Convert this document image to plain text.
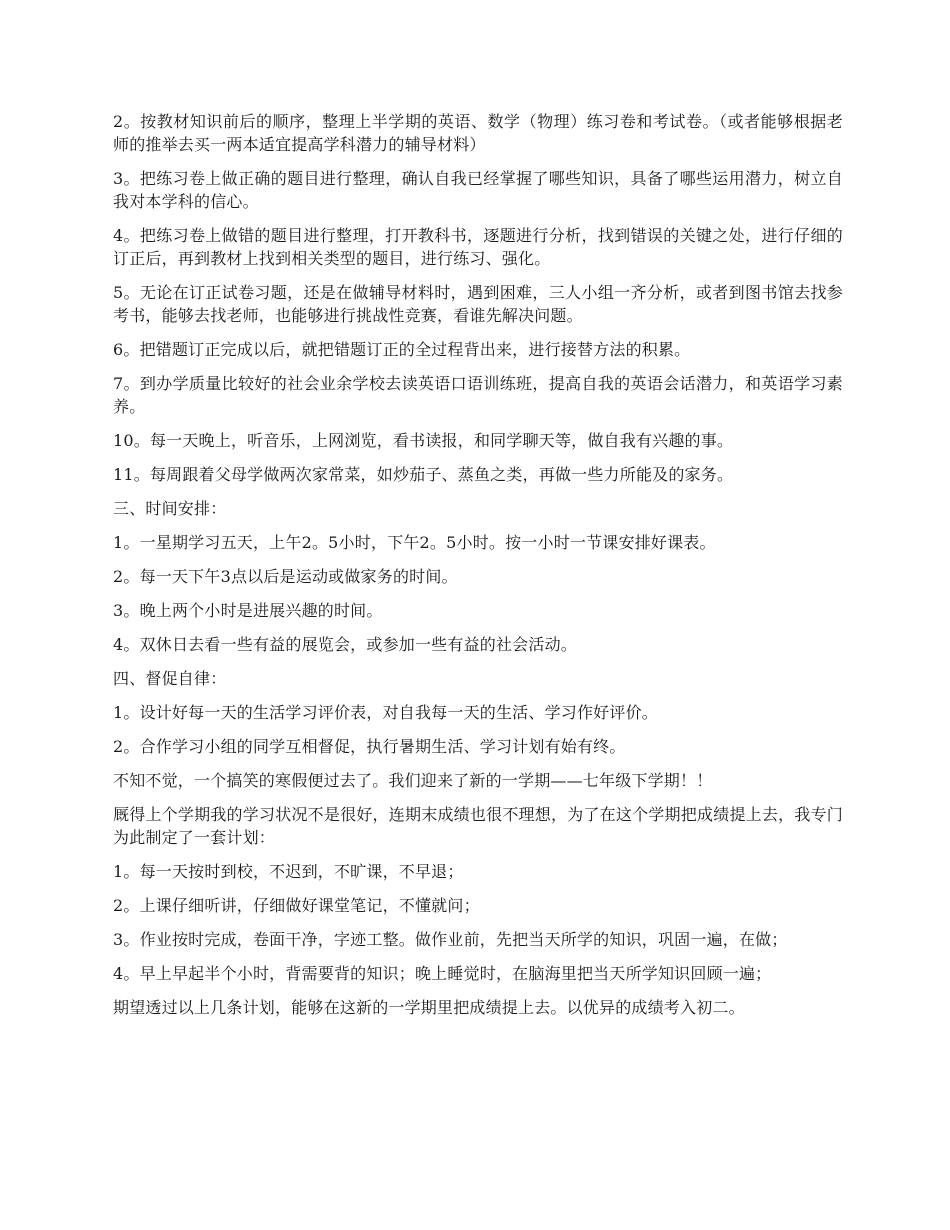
2。按教材知识前后的顺序，整理上半学期的英语、数学（物理）练习卷和考试卷。（或者能够根据老师的推举去买一两本适宜提高学科潜力的辅导材料）

3。把练习卷上做正确的题目进行整理，确认自我已经掌握了哪些知识，具备了哪些运用潜力，树立自我对本学科的信心。

4。把练习卷上做错的题目进行整理，打开教科书，逐题进行分析，找到错误的关键之处，进行仔细的订正后，再到教材上找到相关类型的题目，进行练习、强化。

5。无论在订正试卷习题，还是在做辅导材料时，遇到困难，三人小组一齐分析，或者到图书馆去找参考书，能够去找老师，也能够进行挑战性竞赛，看谁先解决问题。

6。把错题订正完成以后，就把错题订正的全过程背出来，进行接替方法的积累。

7。到办学质量比较好的社会业余学校去读英语口语训练班，提高自我的英语会话潜力，和英语学习素养。

10。每一天晚上，听音乐，上网浏览，看书读报，和同学聊天等，做自我有兴趣的事。

11。每周跟着父母学做两次家常菜，如炒茄子、蒸鱼之类，再做一些力所能及的家务。

三、时间安排：

1。一星期学习五天，上午2。5小时，下午2。5小时。按一小时一节课安排好课表。

2。每一天下午3点以后是运动或做家务的时间。

3。晚上两个小时是进展兴趣的时间。

4。双休日去看一些有益的展览会，或参加一些有益的社会活动。

四、督促自律：

1。设计好每一天的生活学习评价表，对自我每一天的生活、学习作好评价。

2。合作学习小组的同学互相督促，执行暑期生活、学习计划有始有终。

不知不觉，一个搞笑的寒假便过去了。我们迎来了新的一学期——七年级下学期！！

厩得上个学期我的学习状况不是很好，连期末成绩也很不理想，为了在这个学期把成绩提上去，我专门为此制定了一套计划：

1。每一天按时到校，不迟到，不旷课，不早退；

2。上课仔细听讲，仔细做好课堂笔记，不懂就问；

3。作业按时完成，卷面干净，字迹工整。做作业前，先把当天所学的知识，巩固一遍，在做；

4。早上早起半个小时，背需要背的知识；晚上睡觉时，在脑海里把当天所学知识回顾一遍；

期望透过以上几条计划，能够在这新的一学期里把成绩提上去。以优异的成绩考入初二。
